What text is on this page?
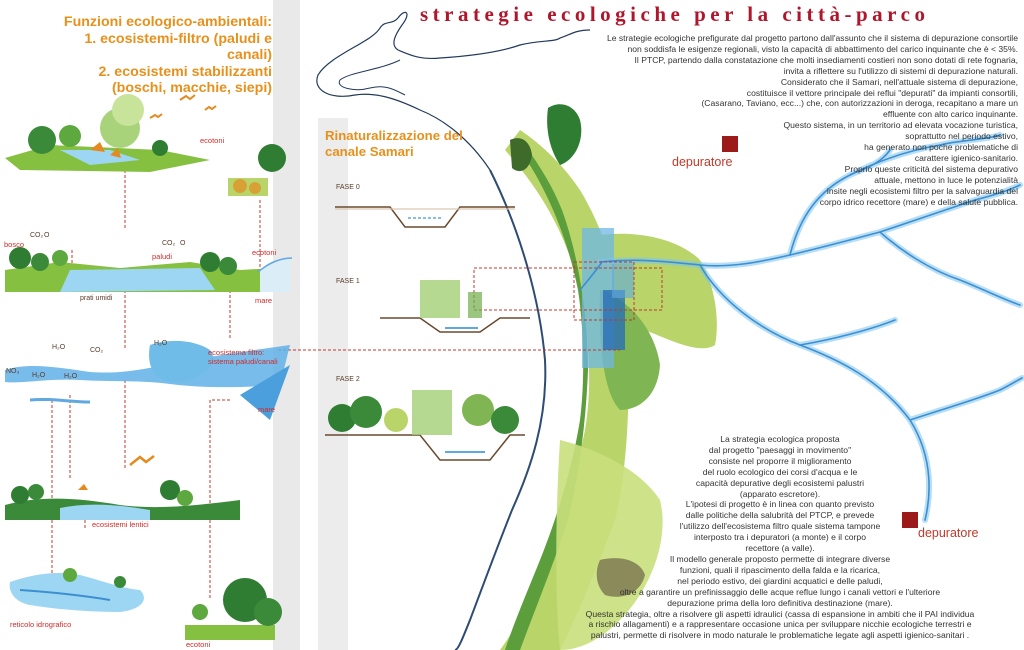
depuratore
depuratore
strategie ecologiche per la città-parco
Funzioni ecologico-ambientali:
1. ecosistemi-filtro (paludi e canali)
2. ecosistemi stabilizzanti
(boschi, macchie, siepi)
Rinaturalizzazione del
canale Samari
FASE 0
FASE 1
FASE 2
ecotoni
bosco
paludi	ecotoni
prati umidi	mare
ecosistema filtro:
sistema paludi/canali
mare
ecosistemi lentici
reticolo idrografico
ecotoni
CO₂ O
CO₂ O
H₂O
H₂O
CO₂
H₂O
NO₃
H₂O
Le strategie ecologiche prefigurate dal progetto partono dall'assunto che il sistema di depurazione consortile
non soddisfa le esigenze regionali, visto la capacità di abbattimento del carico inquinante che è < 35%.
Il PTCP, partendo dalla constatazione che molti insediamenti costieri non sono dotati di rete fognaria,
invita a riflettere su l'utilizzo di sistemi di depurazione naturali.
Considerato che il Samari, nell'attuale sistema di depurazione,
costituisce il vettore principale dei reflui "depurati" da impianti consortili,
(Casarano, Taviano, ecc...) che, con autorizzazioni in deroga, recapitano a mare un
effluente con alto carico inquinante.
Questo sistema, in un territorio ad elevata vocazione turistica,
soprattutto nel periodo estivo,
ha generato non poche problematiche di
carattere igienico-sanitario.
Proprio queste criticità del sistema depurativo
attuale, mettono in luce le potenzialità
insite negli ecosistemi filtro per la salvaguardia del
corpo idrico recettore (mare) e della salute pubblica.
La strategia ecologica proposta
dal progetto "paesaggi in movimento"
consiste nel proporre il miglioramento
del ruolo ecologico dei corsi d'acqua e le
capacità depurative degli ecosistemi palustri
(apparato escretore).
L'ipotesi di progetto è in linea con quanto previsto
dalle politiche della salubrità del PTCP, e prevede
l'utilizzo dell'ecosistema filtro quale sistema tampone
interposto tra i depuratori (a monte) e il corpo
recettore (a valle).
Il modello generale proposto permette di integrare diverse
funzioni, quali il ripascimento della falda e la ricarica,
nel periodo estivo, dei giardini acquatici e delle paludi,
oltre a garantire un prefinissaggio delle acque reflue lungo i canali vettori e l'ulteriore
depurazione prima della loro definitiva destinazione (mare).
Questa strategia, oltre a risolvere gli aspetti idraulici (cassa di espansione in ambiti che il PAI individua
a rischio allagamenti) e a rappresentare occasione unica per sviluppare nicchie ecologiche terrestri e
palustri, permette di risolvere in modo naturale le problematiche legate agli aspetti igienico-sanitari .
